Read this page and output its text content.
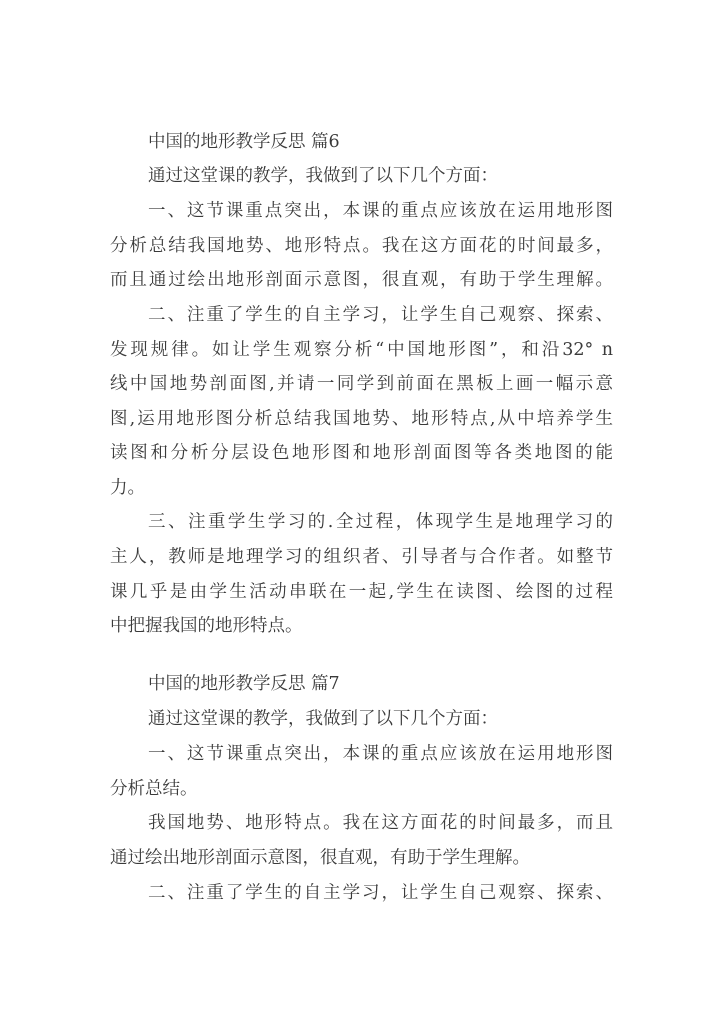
中国的地形教学反思 篇6
通过这堂课的教学，我做到了以下几个方面：
一、这节课重点突出，本课的重点应该放在运用地形图
分析总结我国地势、地形特点。我在这方面花的时间最多，
而且通过绘出地形剖面示意图，很直观，有助于学生理解。
二、注重了学生的自主学习，让学生自己观察、探索、
发现规律。如让学生观察分析“中国地形图”，和沿32° n
线中国地势剖面图,并请一同学到前面在黑板上画一幅示意
图,运用地形图分析总结我国地势、地形特点,从中培养学生
读图和分析分层设色地形图和地形剖面图等各类地图的能
力。
三、注重学生学习的.全过程，体现学生是地理学习的
主人，教师是地理学习的组织者、引导者与合作者。如整节
课几乎是由学生活动串联在一起,学生在读图、绘图的过程
中把握我国的地形特点。
中国的地形教学反思 篇7
通过这堂课的教学，我做到了以下几个方面：
一、这节课重点突出，本课的重点应该放在运用地形图
分析总结。
我国地势、地形特点。我在这方面花的时间最多，而且
通过绘出地形剖面示意图，很直观，有助于学生理解。
二、注重了学生的自主学习，让学生自己观察、探索、
